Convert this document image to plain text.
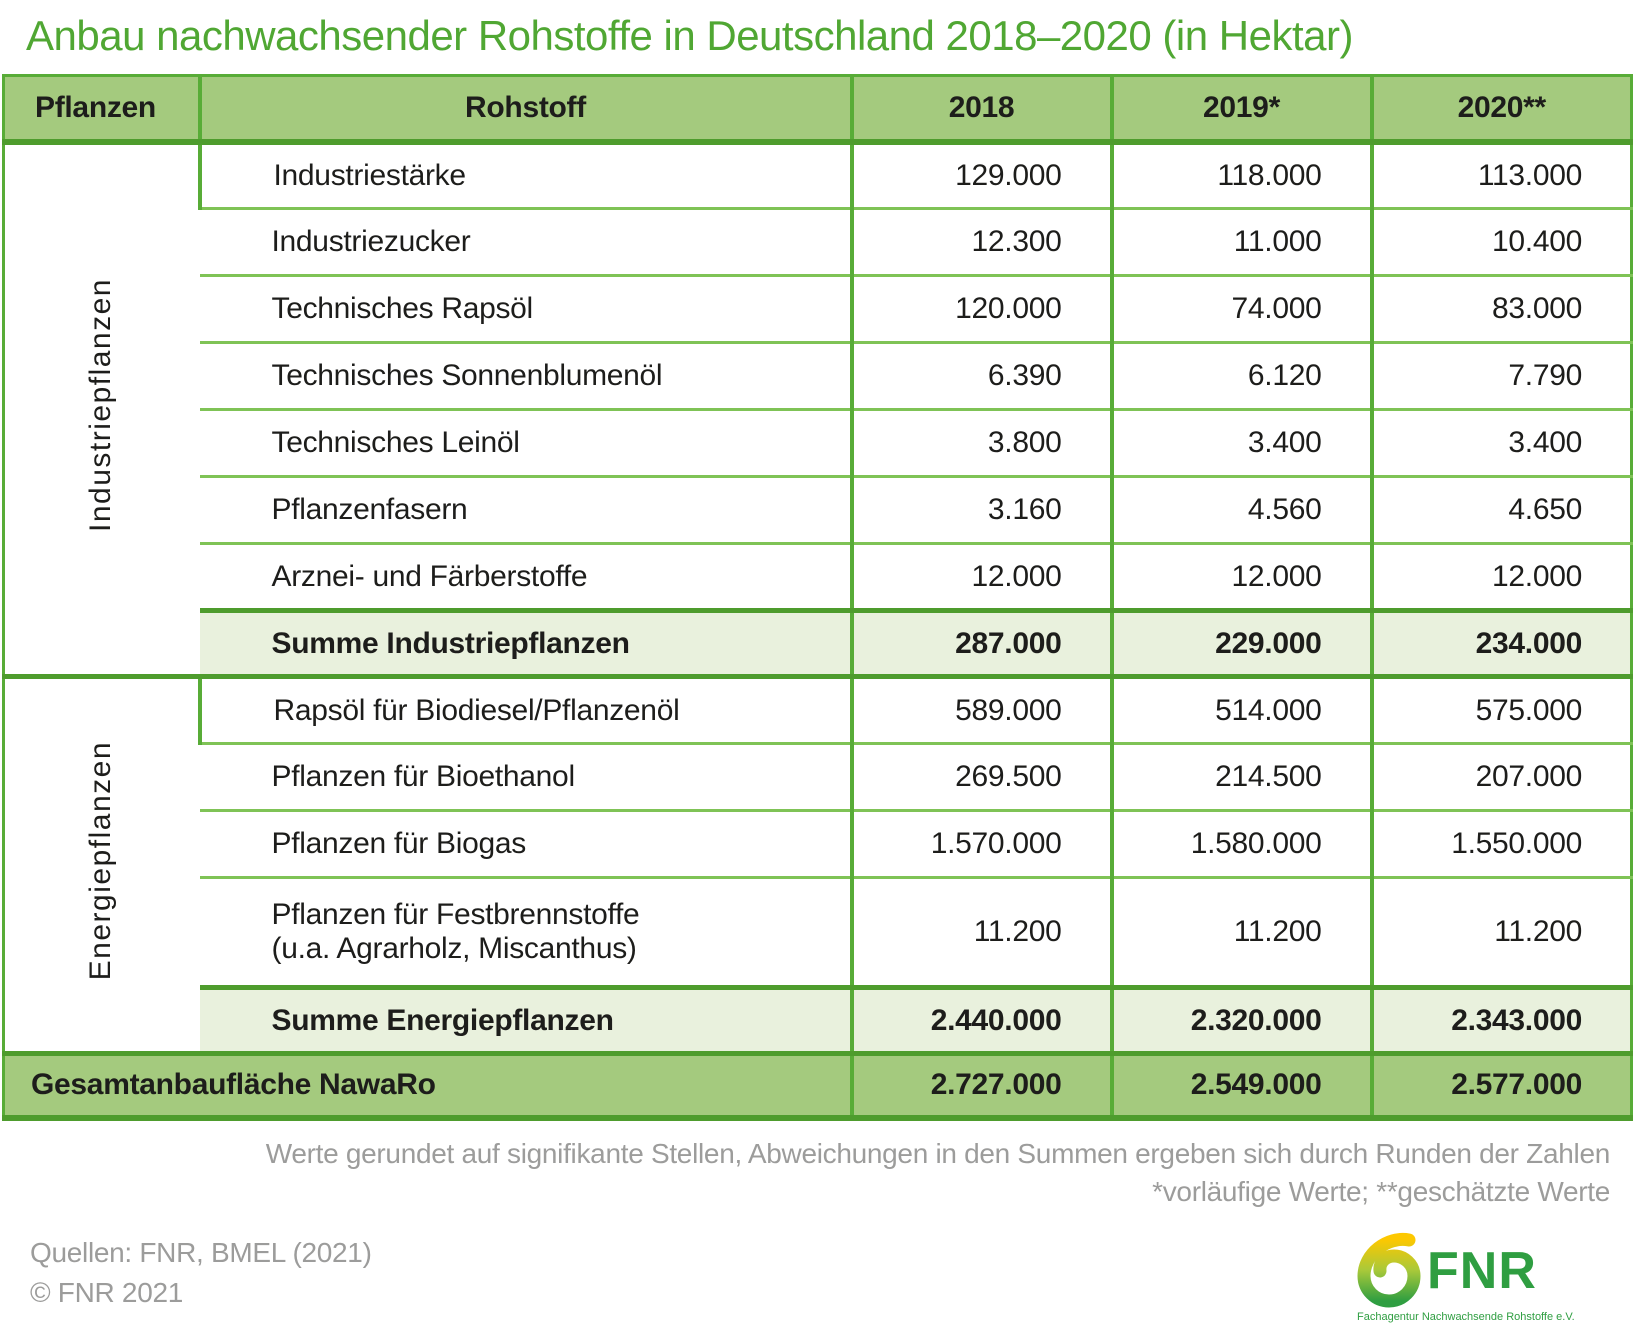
Anbau nachwachsender Rohstoffe in Deutschland 2018–2020 (in Hektar)
Pflanzen	Rohstoff	2018	2019*	2020**
Industriepflanzen	Industriestärke	129.000	118.000	113.000
	Industriezucker	12.300	11.000	10.400
	Technisches Rapsöl	120.000	74.000	83.000
	Technisches Sonnenblumenöl	6.390	6.120	7.790
	Technisches Leinöl	3.800	3.400	3.400
	Pflanzenfasern	3.160	4.560	4.650
	Arznei- und Färberstoffe	12.000	12.000	12.000
	Summe Industriepflanzen	287.000	229.000	234.000
Energiepflanzen	Rapsöl für Biodiesel/Pflanzenöl	589.000	514.000	575.000
	Pflanzen für Bioethanol	269.500	214.500	207.000
	Pflanzen für Biogas	1.570.000	1.580.000	1.550.000
	Pflanzen für Festbrennstoffe
(u.a. Agrarholz, Miscanthus)	11.200	11.200	11.200
	Summe Energiepflanzen	2.440.000	2.320.000	2.343.000
Gesamtanbaufläche NawaRo		2.727.000	2.549.000	2.577.000
Werte gerundet auf signifikante Stellen, Abweichungen in den Summen ergeben sich durch Runden der Zahlen
*vorläufige Werte; **geschätzte Werte
Quellen: FNR, BMEL (2021)
© FNR 2021	FNR
Fachagentur Nachwachsende Rohstoffe e.V.
